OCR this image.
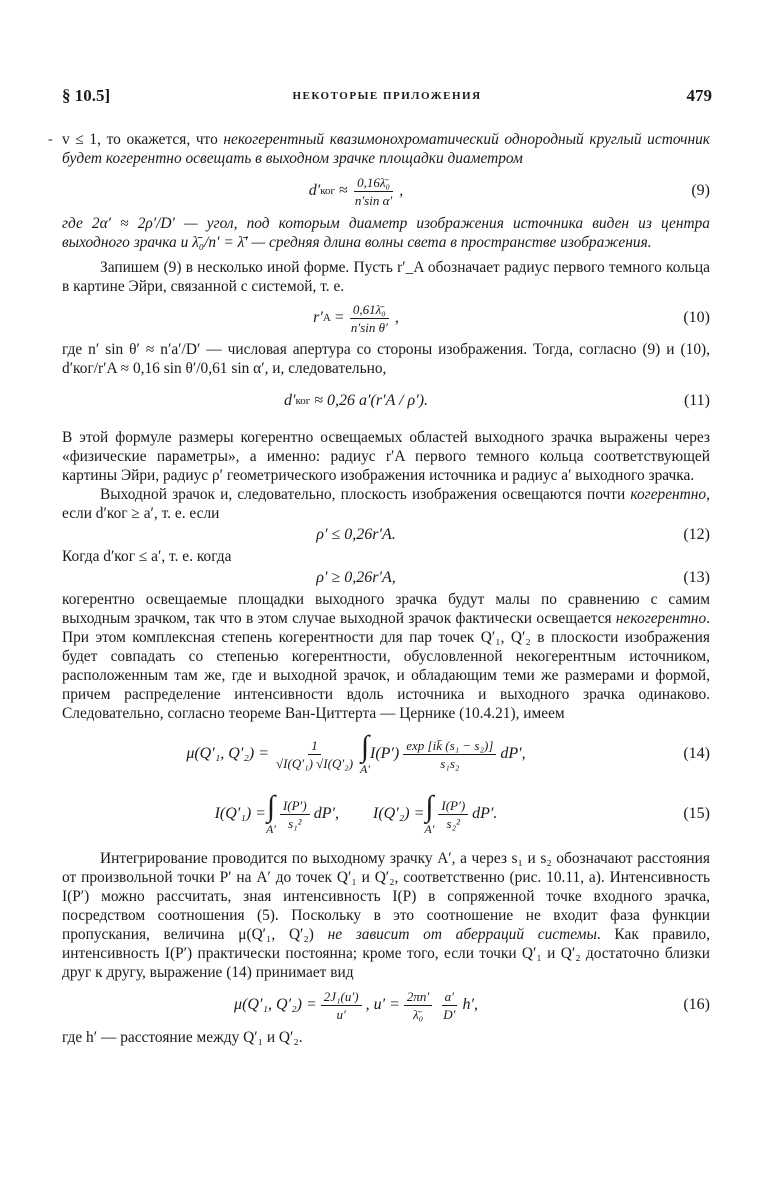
§ 10.5]	НЕКОТОРЫЕ ПРИЛОЖЕНИЯ	479

‐ v ≤ 1, то окажется, что некогерентный квазимонохроматический однородный круглый источник будет когерентно освещать в выходном зрачке площадки диаметром

d′ ког
≈ $\frac{\text{0,16λ̄₀}}{\text{n′sin α′}}$ ,	(9)

где 2α′ ≈ 2ρ′/D′ — угол, под которым диаметр изображения источника виден из центра выходного зрачка и λ̄₀/n′ = λ̄′ — средняя длина волны света в пространстве изображения.

Запишем (9) в несколько иной форме. Пусть r′_A обозначает радиус первого темного кольца в картине Эйри, связанной с системой, т. е.

r′ A
= $\frac{\text{0,61λ̄₀}}{\text{n′sin θ′}}$ ,	(10)

где n′ sin θ′ ≈ n′a′/D′ — числовая апертура со стороны изображения. Тогда, согласно (9) и (10), d′ког/r′A ≈ 0,16 sin θ′/0,61 sin α′, и, следовательно,

d′ ког
≈ 0,26 a′(r′A / ρ′).	(11)

В этой формуле размеры когерентно освещаемых областей выходного зрачка выражены через «физические параметры», а именно: радиус r′A первого темного кольца соответствующей картины Эйри, радиус ρ′ геометрического изображения источника и радиус a′ выходного зрачка.

Выходной зрачок и, следовательно, плоскость изображения освещаются почти когерентно, если d′ког ≥ a′, т. е. если

ρ′ ≤ 0,26r′A.	(12)

Когда d′ког ≤ a′, т. е. когда

ρ′ ≥ 0,26r′A,	(13)

когерентно освещаемые площадки выходного зрачка будут малы по сравнению с самим выходным зрачком, так что в этом случае выходной зрачок фактически освещается некогерентно. При этом комплексная степень когерентности для пар точек Q′₁, Q′₂ в плоскости изображения будет совпадать со степенью когерентности, обусловленной некогерентным источником, расположенным там же, где и выходной зрачок, и обладающим теми же размерами и формой, причем распределение интенсивности вдоль источника и выходного зрачка одинаково. Следовательно, согласно теореме Ван-Циттерта — Цернике (10.4.21), имеем

μ(Q′₁, $Q'_2) = \frac{1}{\text{√I(Q′₁) √I(Q′₂)}}$ ∫
A′
$I(P') \frac{\text{exp [ik̄ (s₁ − s₂)]}}{\text{s₁s₂}} dP'$,	(14)
I(Q′₁) = ∫
$A' \frac{I(P')}{\text{s₁²}} dP'$, I(Q′₂) = ∫
$A' \frac{I(P')}{\text{s₂²}} dP'$.	(15)

Интегрирование проводится по выходному зрачку A′, а через s₁ и s₂ обозначают расстояния от произвольной точки P′ на A′ до точек Q′₁ и Q′₂, соответственно (рис. 10.11, а). Интенсивность I(P′) можно рассчитать, зная интенсивность I(P) в сопряженной точке входного зрачка, посредством соотношения (5). Поскольку в это соотношение не входит фаза функции пропускания, величина μ(Q′₁, Q′₂) не зависит от аберраций системы. Как правило, интенсивность I(P′) практически постоянна; кроме того, если точки Q′₁ и Q′₂ достаточно близки друг к другу, выражение (14) принимает вид

μ(Q′₁, $Q'_2) = \frac{\text{2J₁(u′)}}{u'}$ , $u' = \frac{2\pi n'}{\text{λ̄₀}} \frac{a'}{D'} h'$,	(16)

где h′ — расстояние между Q′₁ и Q′₂.
